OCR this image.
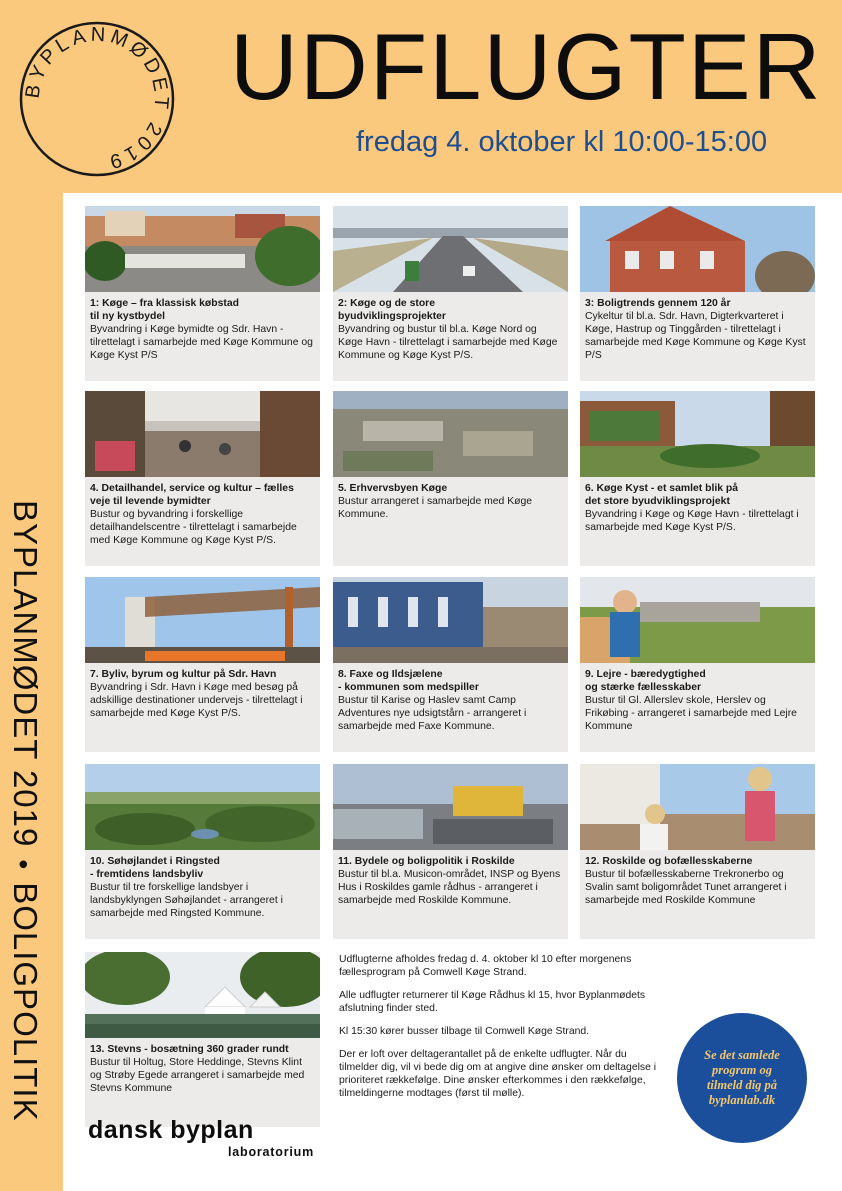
BYPLANMØDET 2019
UDFLUGTER

fredag 4. oktober kl 10:00-15:00

BYPLANMØDET 2019•BOLIGPOLITIK
1: Køge – fra klassisk købstad
til ny kystbydel
Byvandring i Køge bymidte og Sdr. Havn - tilrettelagt i samarbejde med Køge Kommune og Køge Kyst P/S
2: Køge og de store
byudviklingsprojekter
Byvandring og bustur til bl.a. Køge Nord og Køge Havn - tilrettelagt i samarbejde med Køge Kommune og Køge Kyst P/S.
3: Boligtrends gennem 120 år
Cykeltur til bl.a. Sdr. Havn, Digterkvarteret i Køge, Hastrup og Tinggården - tilrettelagt i samarbejde med Køge Kommune og Køge Kyst P/S
4. Detailhandel, service og kultur – fælles veje til levende bymidter
Bustur og byvandring i forskellige detailhandelscentre - tilrettelagt i samarbejde med Køge Kommune og Køge Kyst P/S.
5. Erhvervsbyen Køge
Bustur arrangeret i samarbejde med Køge Kommune.
6. Køge Kyst - et samlet blik på
det store byudviklingsprojekt
Byvandring i Køge og Køge Havn - tilrettelagt i samarbejde med Køge Kyst P/S.
7. Byliv, byrum og kultur på Sdr. Havn
Byvandring i Sdr. Havn i Køge med besøg på adskillige destinationer undervejs - tilrettelagt i samarbejde med Køge Kyst P/S.
8. Faxe og Ildsjælene
- kommunen som medspiller
Bustur til Karise og Haslev samt Camp Adventures nye udsigtstårn - arrangeret i samarbejde med Faxe Kommune.
9. Lejre - bæredygtighed
og stærke fællesskaber
Bustur til Gl. Allerslev skole, Herslev og Frikøbing - arrangeret i samarbejde med Lejre Kommune
10. Søhøjlandet i Ringsted
- fremtidens landsbyliv
Bustur til tre forskellige landsbyer i landsbyklyngen Søhøjlandet - arrangeret i samarbejde med Ringsted Kommune.
11. Bydele og boligpolitik i Roskilde
Bustur til bl.a. Musicon-området, INSP og Byens Hus i Roskildes gamle rådhus - arrangeret i samarbejde med Roskilde Kommune.
12. Roskilde og bofællesskaberne
Bustur til bofællesskaberne Trekronerbo og Svalin samt boligområdet Tunet arrangeret i samarbejde med Roskilde Kommune
13. Stevns - bosætning 360 grader rundt
Bustur til Holtug, Store Heddinge, Stevns Klint og Strøby Egede arrangeret i samarbejde med Stevns Kommune

Udflugterne afholdes fredag d. 4. oktober kl 10 efter morgenens fællesprogram på Comwell Køge Strand.

Alle udflugter returnerer til Køge Rådhus kl 15, hvor Byplanmødets afslutning finder sted.

Kl 15:30 kører busser tilbage til Comwell Køge Strand.

Der er loft over deltagerantallet på de enkelte udflugter. Når du tilmelder dig, vil vi bede dig om at angive dine ønsker om deltagelse i prioriteret rækkefølge. Dine ønsker efterkommes i den rækkefølge, tilmeldingerne modtages (først til mølle).

Se det samlede program og tilmeld dig på byplanlab.dk
dansk byplan
laboratorium
